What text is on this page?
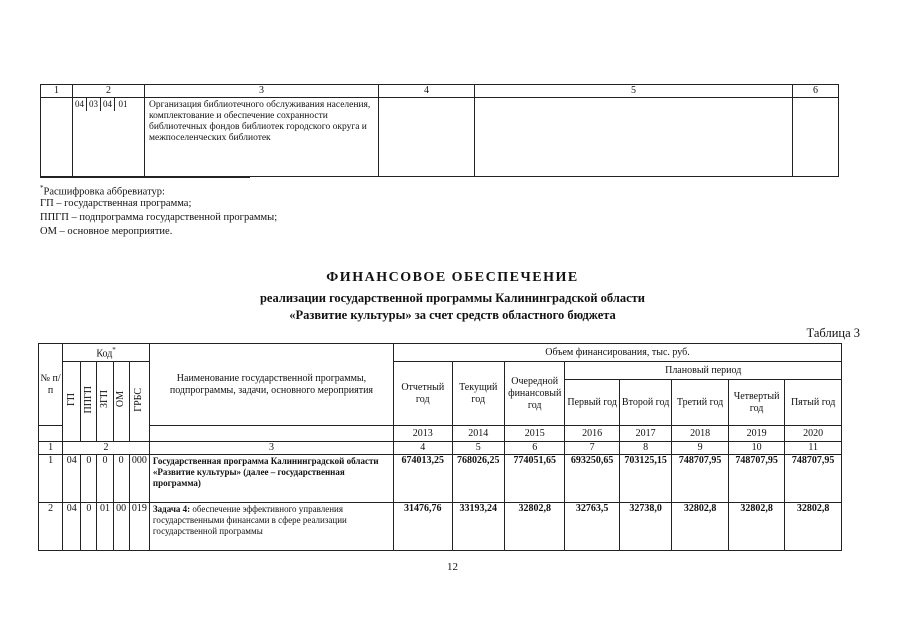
1	2	3	4	5	6

	04 03 04 01	Организация библиотечного обслуживания населения, комплектование и обеспечение сохранности библиотечных фондов библиотек городского округа и межпоселенческих библиотек			
*Расшифровка аббревиатур:
ГП – государственная программа;
ППГП – подпрограмма государственной программы;
ОМ – основное мероприятие.
ФИНАНСОВОЕ ОБЕСПЕЧЕНИЕ
реализации государственной программы Калининградской области
«Развитие культуры» за счет средств областного бюджета
Таблица 3
№ п/п	Код*					Наименование государственной программы, подпрограммы, задачи, основного мероприятия	Объем финансирования, тыс. руб.							
	ГП	ППГП	ЗГП	ОМ	ГРБС		Отчетный год	Текущий год	Очередной финансовый год	Плановый период				
										Первый год	Второй год	Третий год	Четвертый год	Пятый год
							2013	2014	2015	2016	2017	2018	2019	2020
1	2					3	4	5	6	7	8	9	10	11
1	04	0	0	0	000	Государственная программа Калининградской области «Развитие культуры» (далее – государственная программа)	674013,25	768026,25	774051,65	693250,65	703125,15	748707,95	748707,95	748707,95
2	04	0	01	00	019	Задача 4: обеспечение эффективного управления государственными финансами в сфере реализации государственной программы	31476,76	33193,24	32802,8	32763,5	32738,0	32802,8	32802,8	32802,8
12
